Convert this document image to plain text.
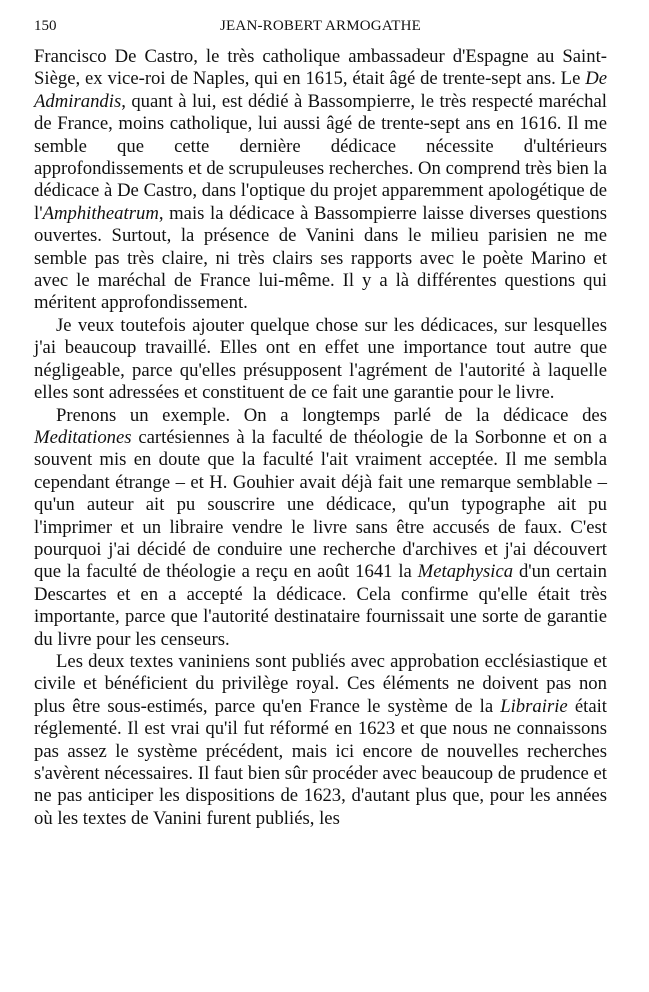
150	JEAN-ROBERT ARMOGATHE

Francisco De Castro, le très catholique ambassadeur d'Espagne au Saint-Siège, ex vice-roi de Naples, qui en 1615, était âgé de trente-sept ans. Le De Admirandis, quant à lui, est dédié à Bassompierre, le très respecté maréchal de France, moins catholique, lui aussi âgé de trente-sept ans en 1616. Il me semble que cette dernière dédicace nécessite d'ultérieurs approfondissements et de scrupuleuses recherches. On comprend très bien la dédicace à De Castro, dans l'optique du projet apparemment apologétique de l'Amphitheatrum, mais la dédicace à Bassompierre laisse diverses questions ouvertes. Surtout, la présence de Vanini dans le milieu parisien ne me semble pas très claire, ni très clairs ses rapports avec le poète Marino et avec le maréchal de France lui-même. Il y a là différentes questions qui méritent approfondissement.

Je veux toutefois ajouter quelque chose sur les dédicaces, sur lesquelles j'ai beaucoup travaillé. Elles ont en effet une importance tout autre que négligeable, parce qu'elles présupposent l'agrément de l'autorité à laquelle elles sont adressées et constituent de ce fait une garantie pour le livre.

Prenons un exemple. On a longtemps parlé de la dédicace des Meditationes cartésiennes à la faculté de théologie de la Sorbonne et on a souvent mis en doute que la faculté l'ait vraiment acceptée. Il me sembla cependant étrange – et H. Gouhier avait déjà fait une remarque semblable – qu'un auteur ait pu souscrire une dédicace, qu'un typographe ait pu l'imprimer et un libraire vendre le livre sans être accusés de faux. C'est pourquoi j'ai décidé de conduire une recherche d'archives et j'ai découvert que la faculté de théologie a reçu en août 1641 la Metaphysica d'un certain Descartes et en a accepté la dédicace. Cela confirme qu'elle était très importante, parce que l'autorité destinataire fournissait une sorte de garantie du livre pour les censeurs.

Les deux textes vaniniens sont publiés avec approbation ecclésiastique et civile et bénéficient du privilège royal. Ces éléments ne doivent pas non plus être sous-estimés, parce qu'en France le système de la Librairie était réglementé. Il est vrai qu'il fut réformé en 1623 et que nous ne connaissons pas assez le système précédent, mais ici encore de nouvelles recherches s'avèrent nécessaires. Il faut bien sûr procéder avec beaucoup de prudence et ne pas anticiper les dispositions de 1623, d'autant plus que, pour les années où les textes de Vanini furent publiés, les
